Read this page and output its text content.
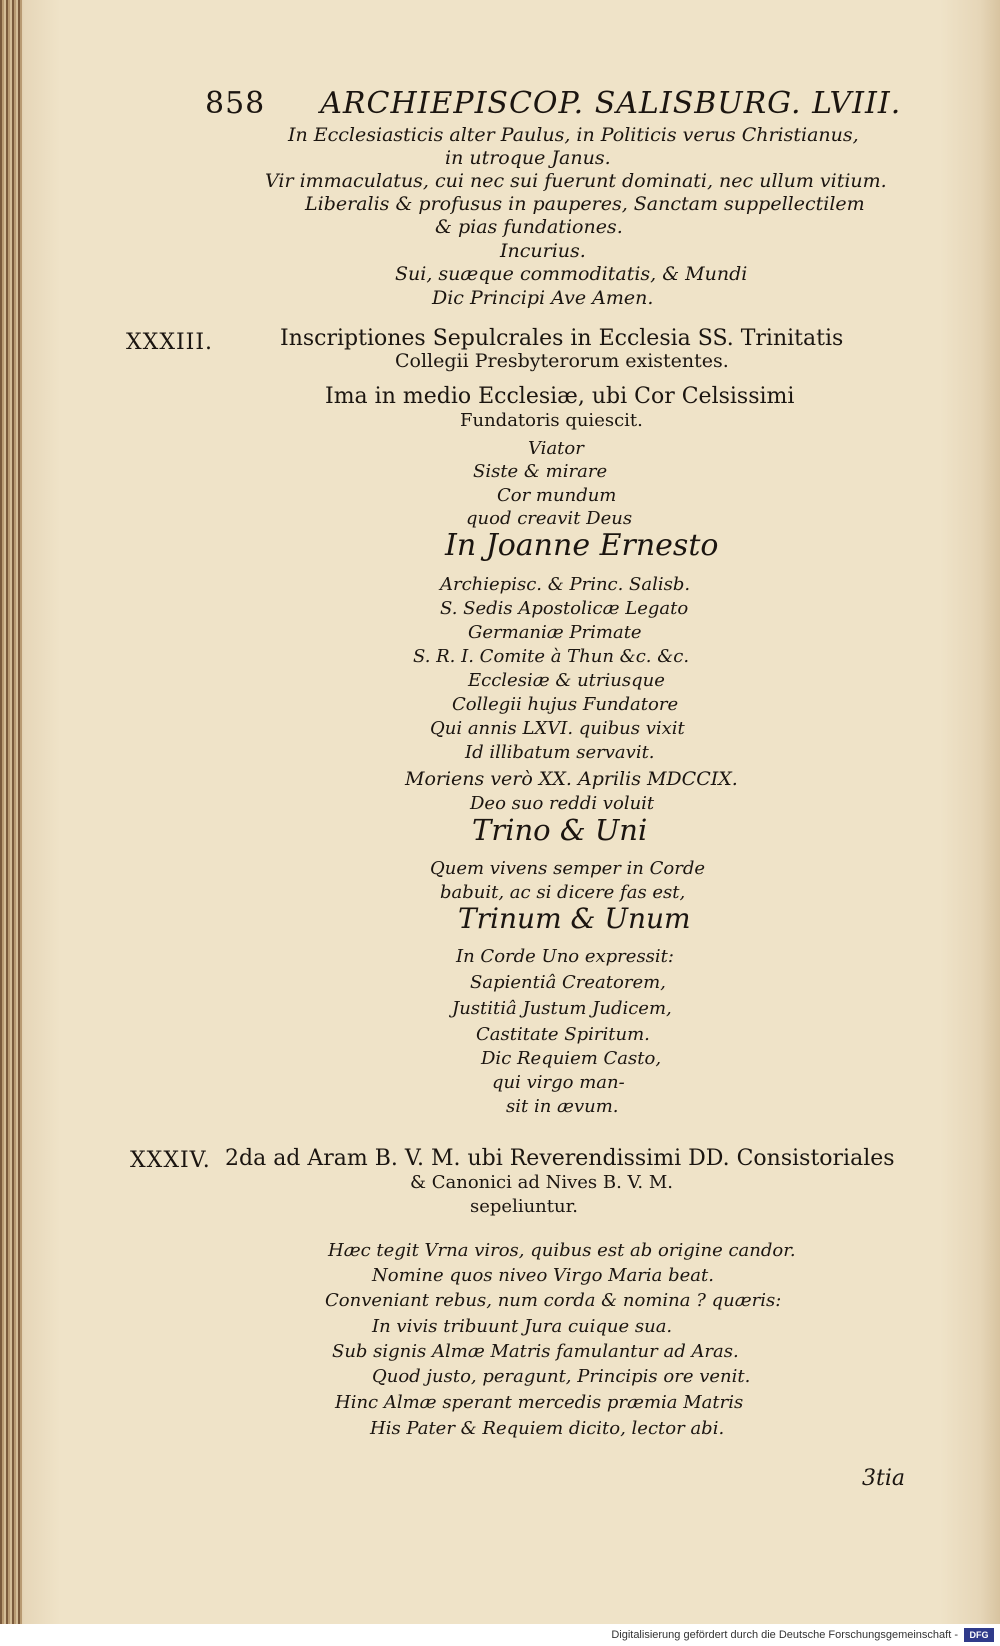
858 ARCHIEPISCOP. SALISBURG. LVIII.
In Ecclesiasticis alter Paulus, in Politicis verus Christianus,
in utroque Janus.
Vir immaculatus, cui nec sui fuerunt dominati, nec ullum vitium.
Liberalis & profusus in pauperes, Sanctam suppellectilem
& pias fundationes.
Incurius.
Sui, suæque commoditatis, & Mundi
Dic Principi Ave Amen.
XXXIII.	Inscriptiones Sepulcrales in Ecclesia SS. Trinitatis
Collegii Presbyterorum existentes.
Ima in medio Ecclesiæ, ubi Cor Celsissimi
Fundatoris quiescit.
Viator
Siste & mirare
Cor mundum
quod creavit Deus
In Joanne Ernesto
Archiepisc. & Princ. Salisb.
S. Sedis Apostolicæ Legato
Germaniæ Primate
S. R. I. Comite à Thun &c. &c.
Ecclesiæ & utriusque
Collegii hujus Fundatore
Qui annis LXVI. quibus vixit
Id illibatum servavit.
Moriens verò XX. Aprilis MDCCIX.
Deo suo reddi voluit
Trino & Uni
Quem vivens semper in Corde
babuit, ac si dicere fas est,
Trinum & Unum
In Corde Uno expressit:
Sapientiâ Creatorem,
Justitiâ Justum Judicem,
Castitate Spiritum.
Dic Requiem Casto,
qui virgo man-
sit in ævum.
XXXIV. 2da ad Aram B. V. M. ubi Reverendissimi DD. Consistoriales
& Canonici ad Nives B. V. M.
sepeliuntur.
Hæc tegit Vrna viros, quibus est ab origine candor.
Nomine quos niveo Virgo Maria beat.
Conveniant rebus, num corda & nomina ? quæris:
In vivis tribuunt Jura cuique sua.
Sub signis Almæ Matris famulantur ad Aras.
Quod justo, peragunt, Principis ore venit.
Hinc Almæ sperant mercedis præmia Matris
His Pater & Requiem dicito, lector abi.
3tia
Digitalisierung gefördert durch die Deutsche Forschungsgemeinschaft -	DFG
